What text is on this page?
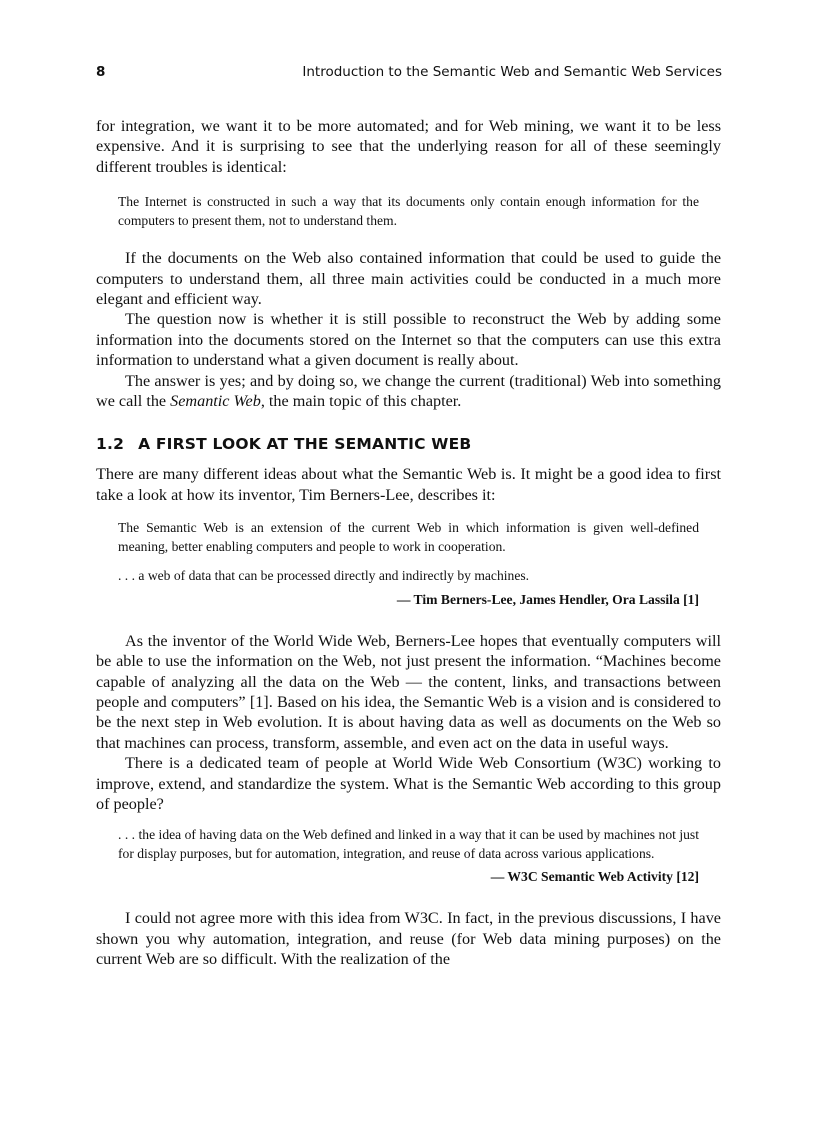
8	Introduction to the Semantic Web and Semantic Web Services

for integration, we want it to be more automated; and for Web mining, we want it to be less expensive. And it is surprising to see that the underlying reason for all of these seemingly different troubles is identical:

The Internet is constructed in such a way that its documents only contain enough information for the computers to present them, not to understand them.

If the documents on the Web also contained information that could be used to guide the computers to understand them, all three main activities could be conducted in a much more elegant and efficient way.

The question now is whether it is still possible to reconstruct the Web by adding some information into the documents stored on the Internet so that the computers can use this extra information to understand what a given document is really about.

The answer is yes; and by doing so, we change the current (traditional) Web into something we call the Semantic Web, the main topic of this chapter.

1.2 A FIRST LOOK AT THE SEMANTIC WEB

There are many different ideas about what the Semantic Web is. It might be a good idea to first take a look at how its inventor, Tim Berners-Lee, describes it:

The Semantic Web is an extension of the current Web in which information is given well-defined meaning, better enabling computers and people to work in cooperation.

. . . a web of data that can be processed directly and indirectly by machines.

— Tim Berners-Lee, James Hendler, Ora Lassila [1]

As the inventor of the World Wide Web, Berners-Lee hopes that eventually computers will be able to use the information on the Web, not just present the information. “Machines become capable of analyzing all the data on the Web — the content, links, and transactions between people and computers” [1]. Based on his idea, the Semantic Web is a vision and is considered to be the next step in Web evolution. It is about having data as well as documents on the Web so that machines can process, transform, assemble, and even act on the data in useful ways.

There is a dedicated team of people at World Wide Web Consortium (W3C) working to improve, extend, and standardize the system. What is the Semantic Web according to this group of people?

. . . the idea of having data on the Web defined and linked in a way that it can be used by machines not just for display purposes, but for automation, integration, and reuse of data across various applications.

— W3C Semantic Web Activity [12]

I could not agree more with this idea from W3C. In fact, in the previous discussions, I have shown you why automation, integration, and reuse (for Web data mining purposes) on the current Web are so difficult. With the realization of the
